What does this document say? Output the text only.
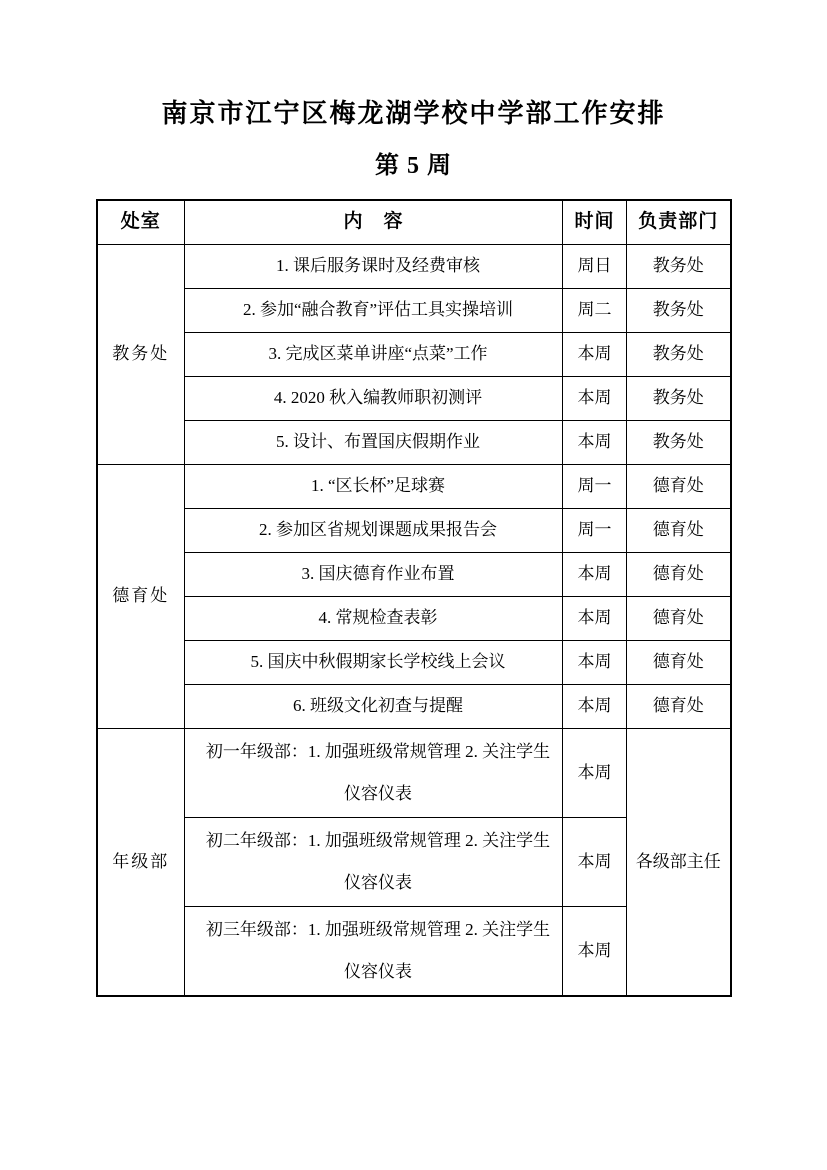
南京市江宁区梅龙湖学校中学部工作安排
第 5 周
处室	内　容	时间	负责部门
教务处	1. 课后服务课时及经费审核	周日	教务处
	2. 参加“融合教育”评估工具实操培训	周二	教务处
	3. 完成区菜单讲座“点菜”工作	本周	教务处
	4. 2020 秋入编教师职初测评	本周	教务处
	5. 设计、布置国庆假期作业	本周	教务处
德育处	1. “区长杯”足球赛	周一	德育处
	2. 参加区省规划课题成果报告会	周一	德育处
	3. 国庆德育作业布置	本周	德育处
	4. 常规检查表彰	本周	德育处
	5. 国庆中秋假期家长学校线上会议	本周	德育处
	6. 班级文化初查与提醒	本周	德育处
年级部	初一年级部：1. 加强班级常规管理 2. 关注学生仪容仪表	本周	各级部主任
	初二年级部：1. 加强班级常规管理 2. 关注学生仪容仪表	本周	
	初三年级部：1. 加强班级常规管理 2. 关注学生仪容仪表	本周	
